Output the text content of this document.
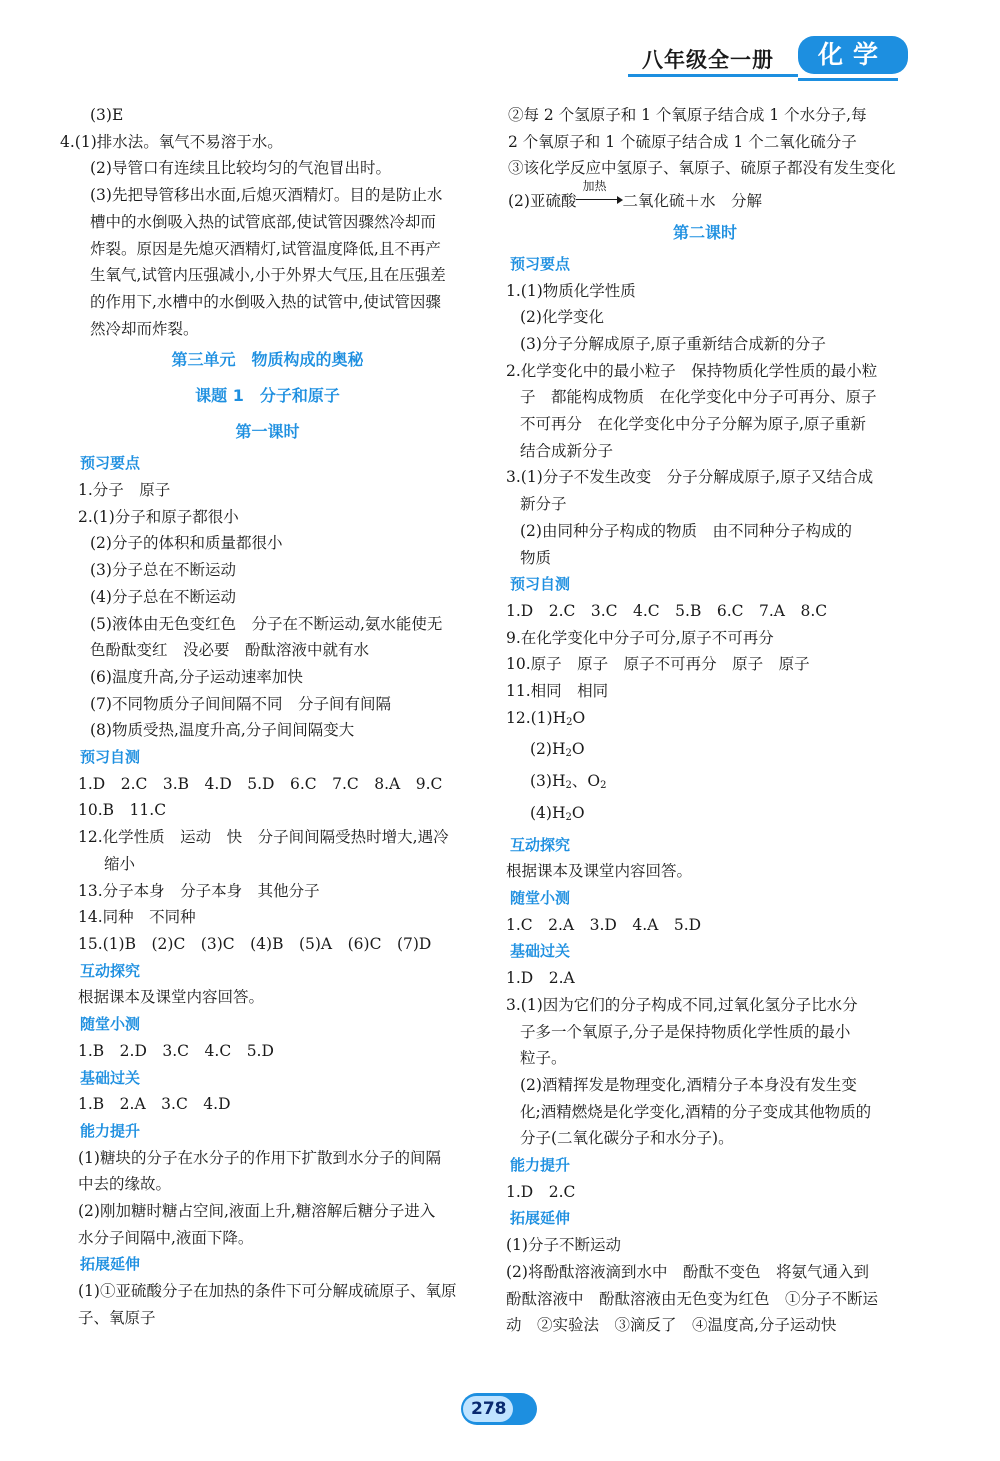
八年级全一册	化学
(3)E
4.(1)排水法。氧气不易溶于水。
(2)导管口有连续且比较均匀的气泡冒出时。
(3)先把导管移出水面,后熄灭酒精灯。目的是防止水
槽中的水倒吸入热的试管底部,使试管因骤然冷却而
炸裂。原因是先熄灭酒精灯,试管温度降低,且不再产
生氧气,试管内压强减小,小于外界大气压,且在压强差
的作用下,水槽中的水倒吸入热的试管中,使试管因骤
然冷却而炸裂。
第三单元　物质构成的奥秘
课题 1　分子和原子
第一课时
预习要点
1.分子　原子
2.(1)分子和原子都很小
(2)分子的体积和质量都很小
(3)分子总在不断运动
(4)分子总在不断运动
(5)液体由无色变红色　分子在不断运动,氨水能使无
色酚酞变红　没必要　酚酞溶液中就有水
(6)温度升高,分子运动速率加快
(7)不同物质分子间间隔不同　分子间有间隔
(8)物质受热,温度升高,分子间间隔变大
预习自测
1.D　2.C　3.B　4.D　5.D　6.C　7.C　8.A　9.C
10.B　11.C
12.化学性质　运动　快　分子间间隔受热时增大,遇冷
缩小
13.分子本身　分子本身　其他分子
14.同种　不同种
15.(1)B　(2)C　(3)C　(4)B　(5)A　(6)C　(7)D
互动探究
根据课本及课堂内容回答。
随堂小测
1.B　2.D　3.C　4.C　5.D
基础过关
1.B　2.A　3.C　4.D
能力提升
(1)糖块的分子在水分子的作用下扩散到水分子的间隔
中去的缘故。
(2)刚加糖时糖占空间,液面上升,糖溶解后糖分子进入
水分子间隔中,液面下降。
拓展延伸
(1)①亚硫酸分子在加热的条件下可分解成硫原子、氧原
子、氧原子
②每 2 个氢原子和 1 个氧原子结合成 1 个水分子,每
2 个氧原子和 1 个硫原子结合成 1 个二氧化硫分子
③该化学反应中氢原子、氧原子、硫原子都没有发生变化
(2)亚硫酸
加热
二氧化硫＋水　分解
第二课时
预习要点
1.(1)物质化学性质
(2)化学变化
(3)分子分解成原子,原子重新结合成新的分子
2.化学变化中的最小粒子　保持物质化学性质的最小粒
子　都能构成物质　在化学变化中分子可再分、原子
不可再分　在化学变化中分子分解为原子,原子重新
结合成新分子
3.(1)分子不发生改变　分子分解成原子,原子又结合成
新分子
(2)由同种分子构成的物质　由不同种分子构成的
物质
预习自测
1.D　2.C　3.C　4.C　5.B　6.C　7.A　8.C
9.在化学变化中分子可分,原子不可再分
10.原子　原子　原子不可再分　原子　原子
11.相同　相同
$12.(1)H_2O$
$(2)H_2O$
$(3)H_2$、$O_2$
$(4)H_2O$
互动探究
根据课本及课堂内容回答。
随堂小测
1.C　2.A　3.D　4.A　5.D
基础过关
1.D　2.A
3.(1)因为它们的分子构成不同,过氧化氢分子比水分
子多一个氧原子,分子是保持物质化学性质的最小
粒子。
(2)酒精挥发是物理变化,酒精分子本身没有发生变
化;酒精燃烧是化学变化,酒精的分子变成其他物质的
分子(二氧化碳分子和水分子)。
能力提升
1.D　2.C
拓展延伸
(1)分子不断运动
(2)将酚酞溶液滴到水中　酚酞不变色　将氨气通入到
酚酞溶液中　酚酞溶液由无色变为红色　①分子不断运
动　②实验法　③滴反了　④温度高,分子运动快
278
